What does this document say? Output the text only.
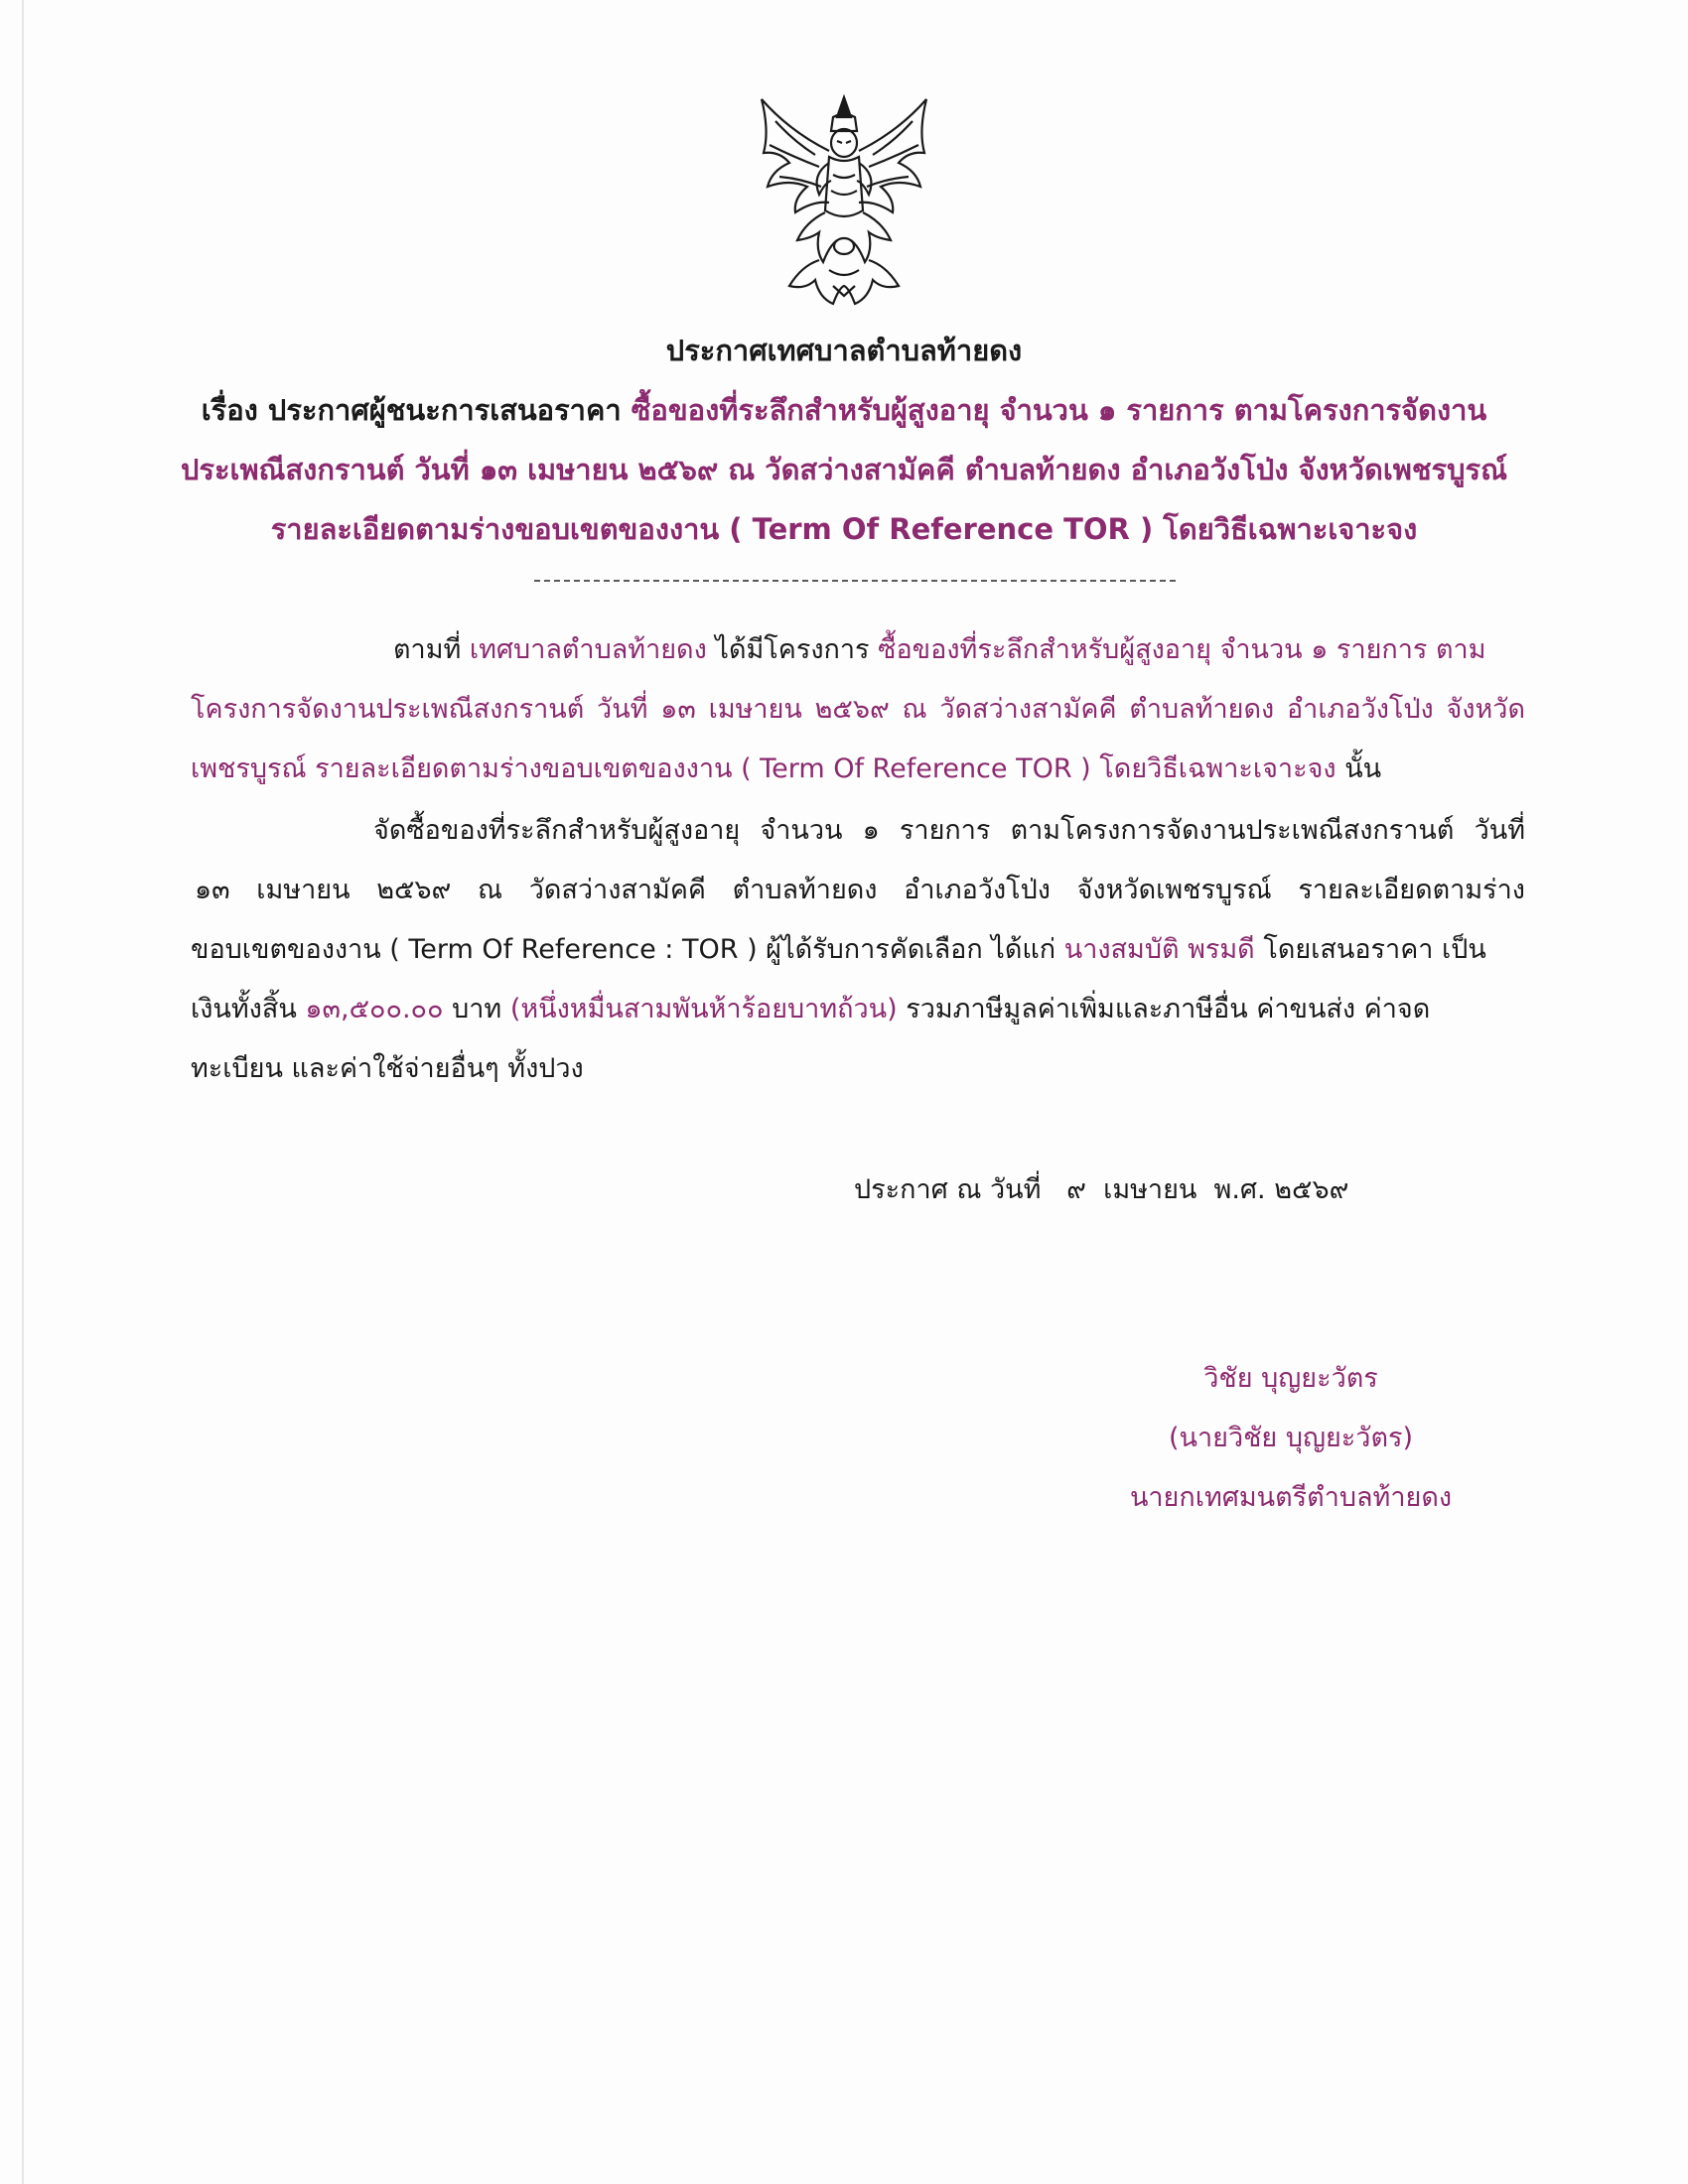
ประกาศเทศบาลตำบลท้ายดง
เรื่อง ประกาศผู้ชนะการเสนอราคา ซื้อของที่ระลึกสำหรับผู้สูงอายุ จำนวน ๑ รายการ ตามโครงการจัดงาน
ประเพณีสงกรานต์ วันที่ ๑๓ เมษายน ๒๕๖๙ ณ วัดสว่างสามัคคี ตำบลท้ายดง อำเภอวังโป่ง จังหวัดเพชรบูรณ์
รายละเอียดตามร่างขอบเขตของงาน ( Term Of Reference TOR ) โดยวิธีเฉพาะเจาะจง
ตามที่ เทศบาลตำบลท้ายดง ได้มีโครงการ ซื้อของที่ระลึกสำหรับผู้สูงอายุ จำนวน ๑ รายการ ตาม
โครงการจัดงานประเพณีสงกรานต์ วันที่ ๑๓ เมษายน ๒๕๖๙ ณ วัดสว่างสามัคคี ตำบลท้ายดง อำเภอวังโป่ง จังหวัด
เพชรบูรณ์ รายละเอียดตามร่างขอบเขตของงาน ( Term Of Reference TOR ) โดยวิธีเฉพาะเจาะจง นั้น
จัดซื้อของที่ระลึกสำหรับผู้สูงอายุ จำนวน ๑ รายการ ตามโครงการจัดงานประเพณีสงกรานต์ วันที่
๑๓ เมษายน ๒๕๖๙ ณ วัดสว่างสามัคคี ตำบลท้ายดง อำเภอวังโป่ง จังหวัดเพชรบูรณ์ รายละเอียดตามร่าง
ขอบเขตของงาน ( Term Of Reference : TOR ) ผู้ได้รับการคัดเลือก ได้แก่ นางสมบัติ พรมดี โดยเสนอราคา เป็น
เงินทั้งสิ้น ๑๓,๕๐๐.๐๐ บาท (หนึ่งหมื่นสามพันห้าร้อยบาทถ้วน) รวมภาษีมูลค่าเพิ่มและภาษีอื่น ค่าขนส่ง ค่าจด
ทะเบียน และค่าใช้จ่ายอื่นๆ ทั้งปวง
ประกาศ ณ วันที่   ๙  เมษายน  พ.ศ. ๒๕๖๙
วิชัย บุญยะวัตร
(นายวิชัย บุญยะวัตร)
นายกเทศมนตรีตำบลท้ายดง
